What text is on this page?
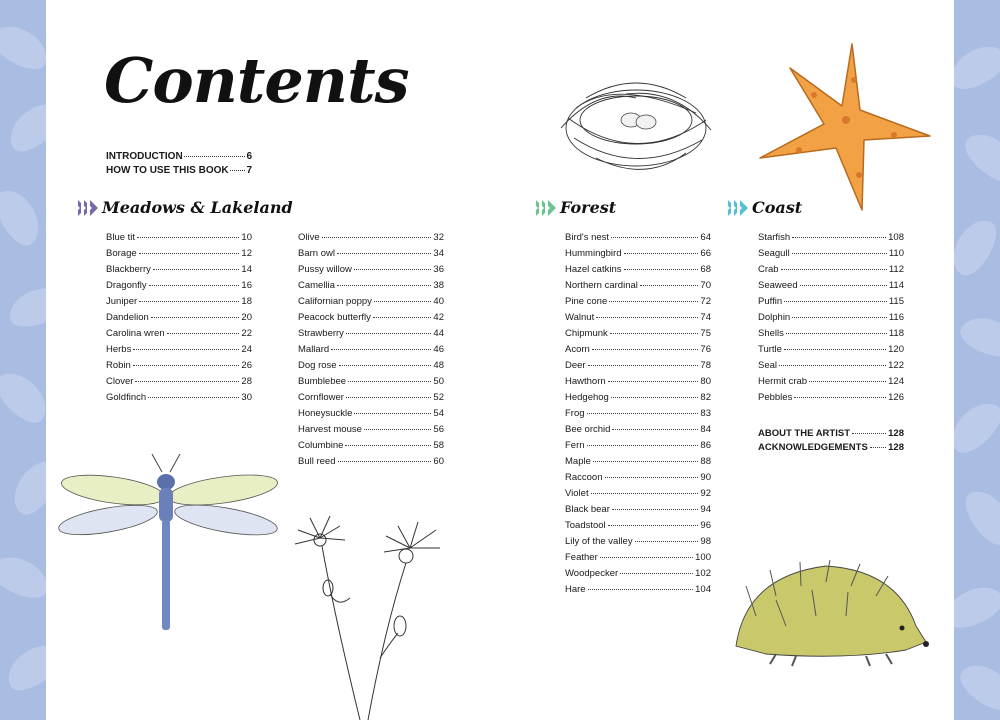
Contents
INTRODUCTION	6
HOW TO USE THIS BOOK 7
Meadows & Lakeland	Forest	Coast
Blue tit	10
Borage	12
Blackberry	14
Dragonfly	16
Juniper	18
Dandelion	20
Carolina wren	22
Herbs	24
Robin	26
Clover	28
Goldfinch	30
Olive	32
Barn owl	34
Pussy willow	36
Camellia	38
Californian poppy	40
Peacock butterfly	42
Strawberry	44
Mallard	46
Dog rose	48
Bumblebee	50
Cornflower	52
Honeysuckle	54
Harvest mouse	56
Columbine	58
Bull reed	60
Bird's nest	64
Hummingbird	66
Hazel catkins	68
Northern cardinal	70
Pine cone	72
Walnut	74
Chipmunk	75
Acorn	76
Deer	78
Hawthorn	80
Hedgehog	82
Frog	83
Bee orchid	84
Fern	86
Maple	88
Raccoon	90
Violet	92
Black bear	94
Toadstool	96
Lily of the valley	98
Feather	100
Woodpecker	102
Hare	104
Starfish	108
Seagull	110
Crab	112
Seaweed	114
Puffin	115
Dolphin	116
Shells	118
Turtle	120
Seal	122
Hermit crab	124
Pebbles	126
ABOUT THE ARTIST	128
ACKNOWLEDGEMENTS 128
